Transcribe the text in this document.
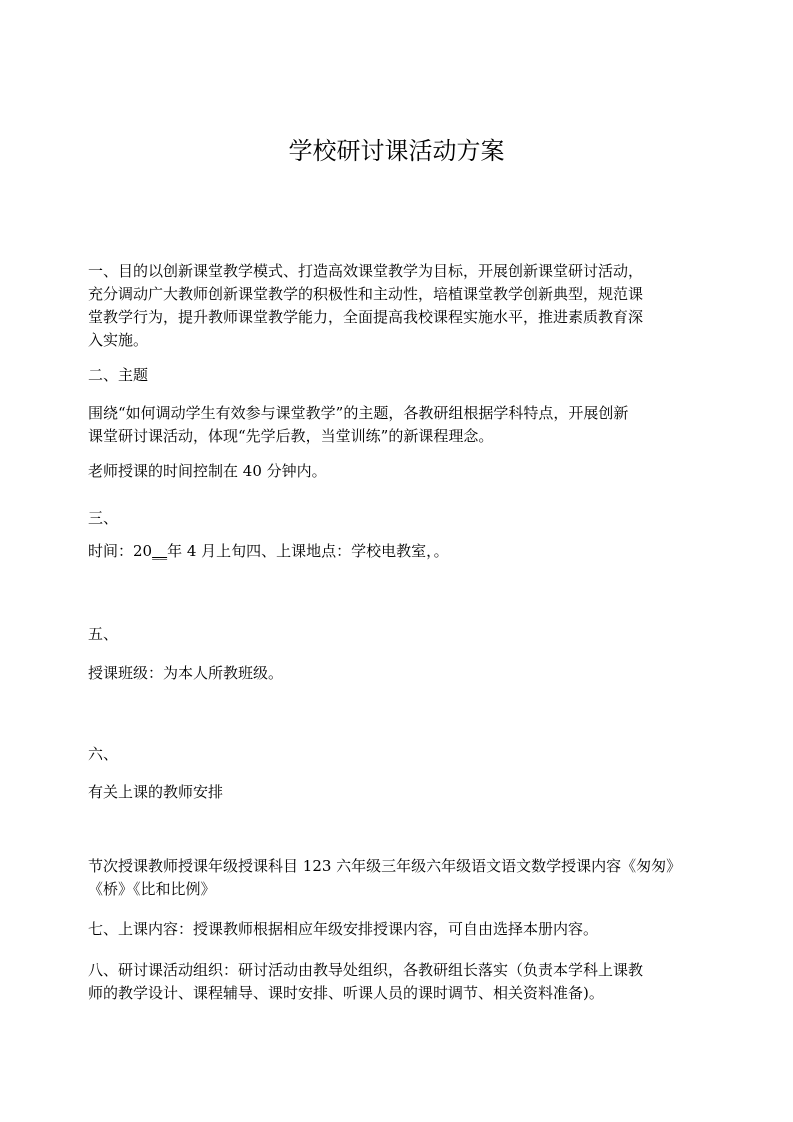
学校研讨课活动方案
一、目的以创新课堂教学模式、打造高效课堂教学为目标，开展创新课堂研讨活动，
充分调动广大教师创新课堂教学的积极性和主动性，培植课堂教学创新典型，规范课
堂教学行为，提升教师课堂教学能力，全面提高我校课程实施水平，推进素质教育深
入实施。
二、主题
围绕“如何调动学生有效参与课堂教学”的主题，各教研组根据学科特点，开展创新
课堂研讨课活动，体现“先学后教，当堂训练”的新课程理念。
老师授课的时间控制在 40 分钟内。
三、
时间：20__年 4 月上旬四、上课地点：学校电教室，。
五、
授课班级：为本人所教班级。
六、
有关上课的教师安排
节次授课教师授课年级授课科目 123 六年级三年级六年级语文语文数学授课内容《匆匆》
《桥》《比和比例》
七、上课内容：授课教师根据相应年级安排授课内容，可自由选择本册内容。
八、研讨课活动组织：研讨活动由教导处组织，各教研组长落实（负责本学科上课教
师的教学设计、课程辅导、课时安排、听课人员的课时调节、相关资料准备)。
